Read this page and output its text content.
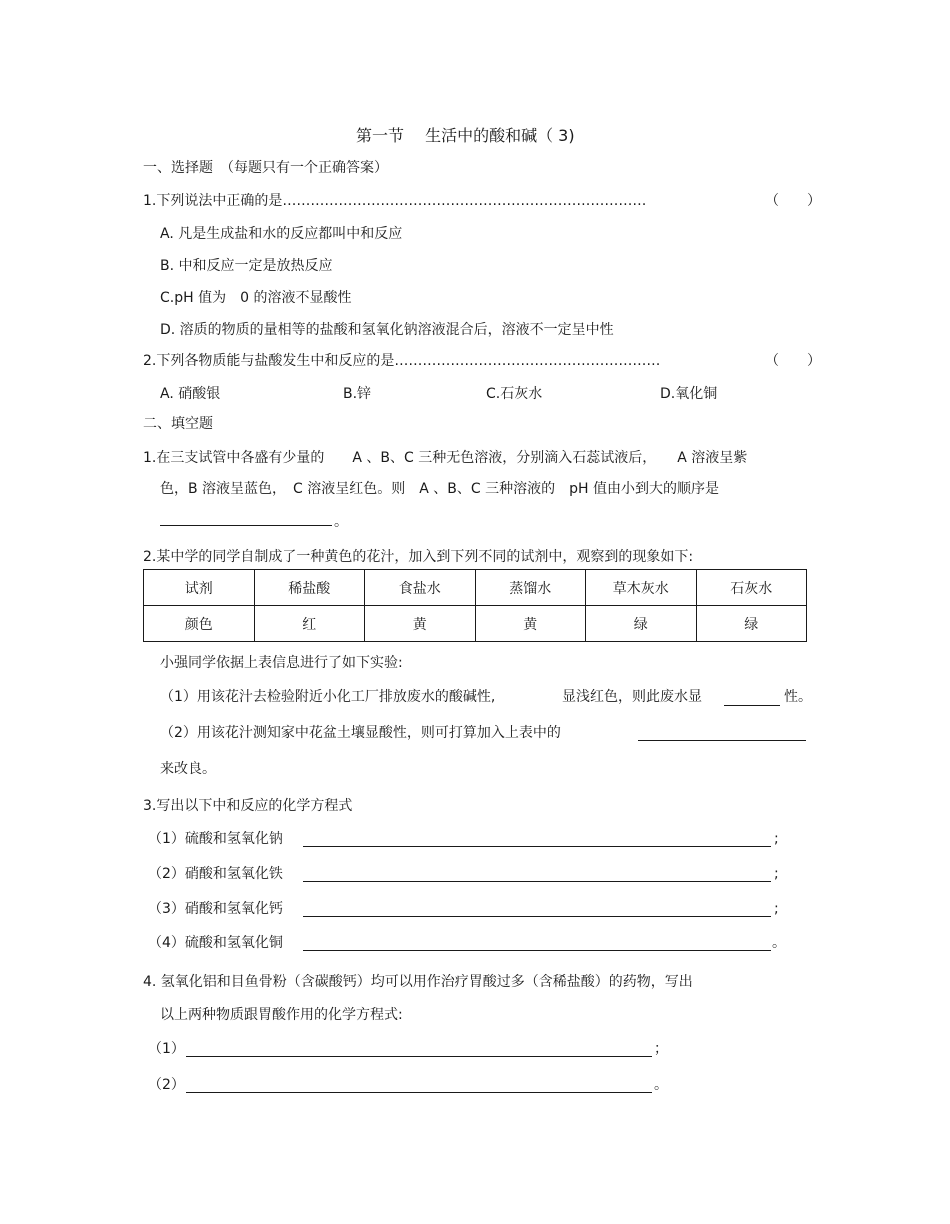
第一节　 生活中的酸和碱（ 3)
一、选择题　（每题只有一个正确答案）
1.下列说法中正确的是……………………………………………………………………	（　　）
A. 凡是生成盐和水的反应都叫中和反应
B. 中和反应一定是放热反应
C.pH 值为　0 的溶液不显酸性
D. 溶质的物质的量相等的盐酸和氢氧化钠溶液混合后，溶液不一定呈中性
2.下列各物质能与盐酸发生中和反应的是…………………………………………………	（　　）
A. 硝酸银	B.锌	C.石灰水	D.氧化铜
二、填空题
1.在三支试管中各盛有少量的　　A 、B、C 三种无色溶液，分别滴入石蕊试液后，　　A 溶液呈紫
色，B 溶液呈蓝色，　C 溶液呈红色。则　A 、B、C 三种溶液的　pH 值由小到大的顺序是
。
2.某中学的同学自制成了一种黄色的花汁，加入到下列不同的试剂中，观察到的现象如下:
试剂	稀盐酸	食盐水	蒸馏水	草木灰水	石灰水
颜色	红	黄	黄	绿	绿
小强同学依据上表信息进行了如下实验:
（1）用该花汁去检验附近小化工厂排放废水的酸碱性,	显浅红色，则此废水显	性。
（2）用该花汁测知家中花盆土壤显酸性，则可打算加入上表中的
来改良。
3.写出以下中和反应的化学方程式
（1）硫酸和氢氧化钠	;
（2）硝酸和氢氧化铁	;
（3）硝酸和氢氧化钙	;
（4）硫酸和氢氧化铜	。
4. 氢氧化铝和目鱼骨粉（含碳酸钙）均可以用作治疗胃酸过多（含稀盐酸）的药物，写出
以上两种物质跟胃酸作用的化学方程式:
（1）	；
（2）	。
